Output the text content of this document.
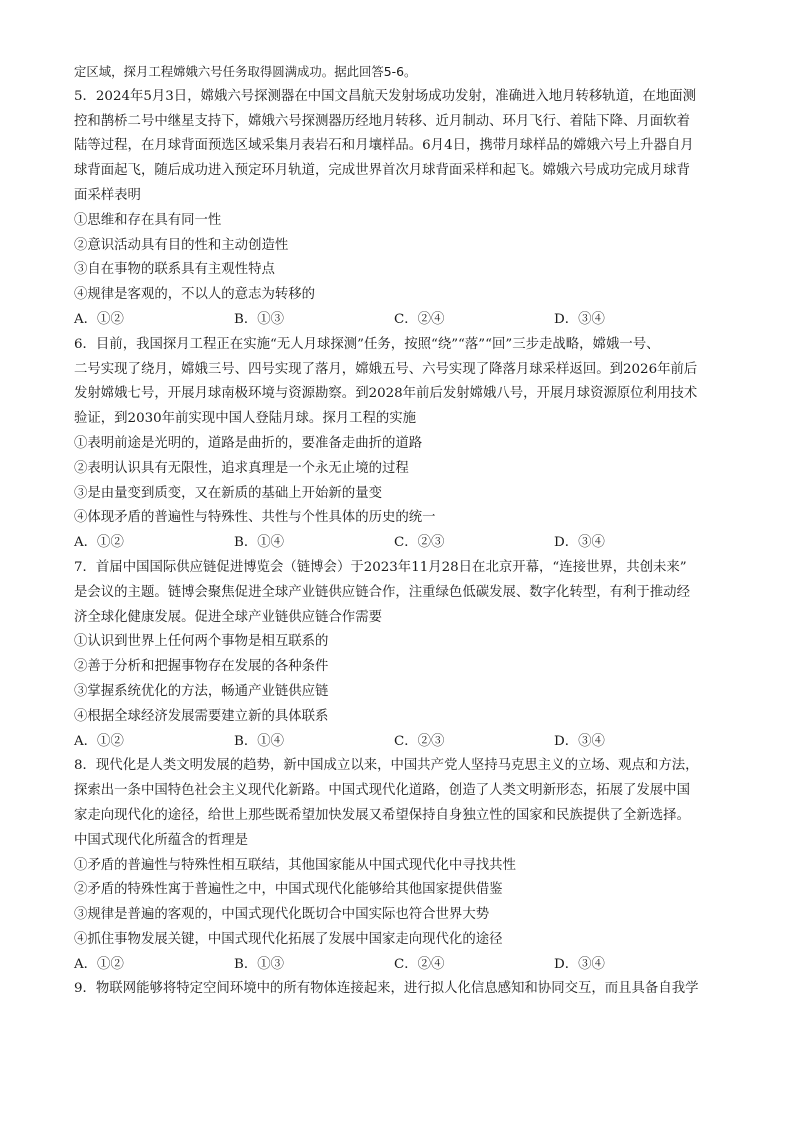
定区域，探月工程嫦娥六号任务取得圆满成功。据此回答5-6。
5．2024年5月3日，嫦娥六号探测器在中国文昌航天发射场成功发射，准确进入地月转移轨道，在地面测
控和鹊桥二号中继星支持下，嫦娥六号探测器历经地月转移、近月制动、环月飞行、着陆下降、月面软着
陆等过程，在月球背面预选区域采集月表岩石和月壤样品。6月4日，携带月球样品的嫦娥六号上升器自月
球背面起飞，随后成功进入预定环月轨道，完成世界首次月球背面采样和起飞。嫦娥六号成功完成月球背
面采样表明
①思维和存在具有同一性
②意识活动具有目的性和主动创造性
③自在事物的联系具有主观性特点
④规律是客观的，不以人的意志为转移的
A．①②	B．①③	C．②④	D．③④
6．目前，我国探月工程正在实施“无人月球探测”任务，按照“绕”“落”“回”三步走战略，嫦娥一号、
二号实现了绕月，嫦娥三号、四号实现了落月，嫦娥五号、六号实现了降落月球采样返回。到2026年前后
发射嫦娥七号，开展月球南极环境与资源勘察。到2028年前后发射嫦娥八号，开展月球资源原位利用技术
验证，到2030年前实现中国人登陆月球。探月工程的实施
①表明前途是光明的，道路是曲折的，要准备走曲折的道路
②表明认识具有无限性，追求真理是一个永无止境的过程
③是由量变到质变，又在新质的基础上开始新的量变
④体现矛盾的普遍性与特殊性、共性与个性具体的历史的统一
A．①②	B．①④	C．②③	D．③④
7．首届中国国际供应链促进博览会（链博会）于2023年11月28日在北京开幕，“连接世界，共创未来”
是会议的主题。链博会聚焦促进全球产业链供应链合作，注重绿色低碳发展、数字化转型，有利于推动经
济全球化健康发展。促进全球产业链供应链合作需要
①认识到世界上任何两个事物是相互联系的
②善于分析和把握事物存在发展的各种条件
③掌握系统优化的方法，畅通产业链供应链
④根据全球经济发展需要建立新的具体联系
A．①②	B．①④	C．②③	D．③④
8．现代化是人类文明发展的趋势，新中国成立以来，中国共产党人坚持马克思主义的立场、观点和方法，
探索出一条中国特色社会主义现代化新路。中国式现代化道路，创造了人类文明新形态，拓展了发展中国
家走向现代化的途径，给世上那些既希望加快发展又希望保持自身独立性的国家和民族提供了全新选择。
中国式现代化所蕴含的哲理是
①矛盾的普遍性与特殊性相互联结，其他国家能从中国式现代化中寻找共性
②矛盾的特殊性寓于普遍性之中，中国式现代化能够给其他国家提供借鉴
③规律是普遍的客观的，中国式现代化既切合中国实际也符合世界大势
④抓住事物发展关键，中国式现代化拓展了发展中国家走向现代化的途径
A．①②	B．①③	C．②④	D．③④
9．物联网能够将特定空间环境中的所有物体连接起来，进行拟人化信息感知和协同交互，而且具备自我学
